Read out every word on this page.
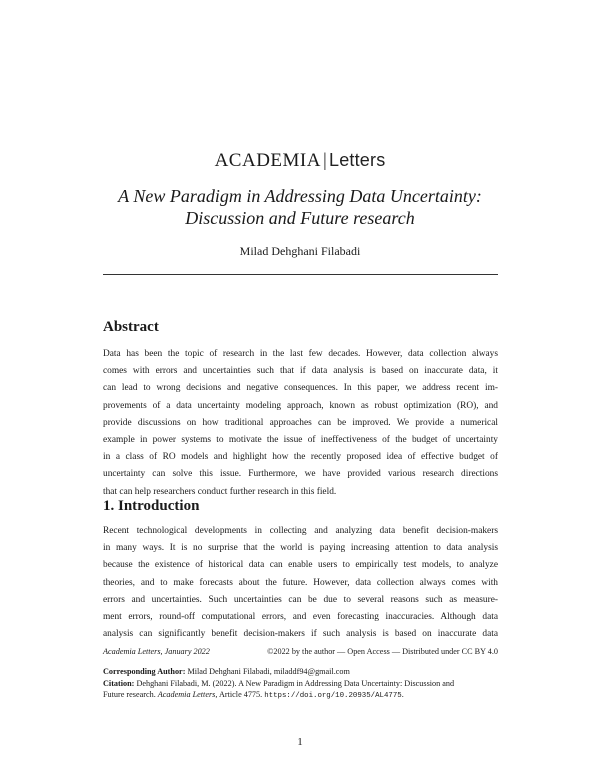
ACADEMIA | Letters
A New Paradigm in Addressing Data Uncertainty:
Discussion and Future research
Milad Dehghani Filabadi
Abstract
Data has been the topic of research in the last few decades. However, data collection always
comes with errors and uncertainties such that if data analysis is based on inaccurate data, it
can lead to wrong decisions and negative consequences. In this paper, we address recent im-
provements of a data uncertainty modeling approach, known as robust optimization (RO), and
provide discussions on how traditional approaches can be improved. We provide a numerical
example in power systems to motivate the issue of ineffectiveness of the budget of uncertainty
in a class of RO models and highlight how the recently proposed idea of effective budget of
uncertainty can solve this issue. Furthermore, we have provided various research directions
that can help researchers conduct further research in this field.
1. Introduction
Recent technological developments in collecting and analyzing data benefit decision-makers
in many ways. It is no surprise that the world is paying increasing attention to data analysis
because the existence of historical data can enable users to empirically test models, to analyze
theories, and to make forecasts about the future. However, data collection always comes with
errors and uncertainties. Such uncertainties can be due to several reasons such as measure-
ment errors, round-off computational errors, and even forecasting inaccuracies. Although data
analysis can significantly benefit decision-makers if such analysis is based on inaccurate data
Academia Letters, January 2022	©2022 by the author — Open Access — Distributed under CC BY 4.0
Corresponding Author: Milad Dehghani Filabadi, miladdf94@gmail.com
Citation: Dehghani Filabadi, M. (2022). A New Paradigm in Addressing Data Uncertainty: Discussion and
Future research. Academia Letters, Article 4775. https://doi.org/10.20935/AL4775.
1
